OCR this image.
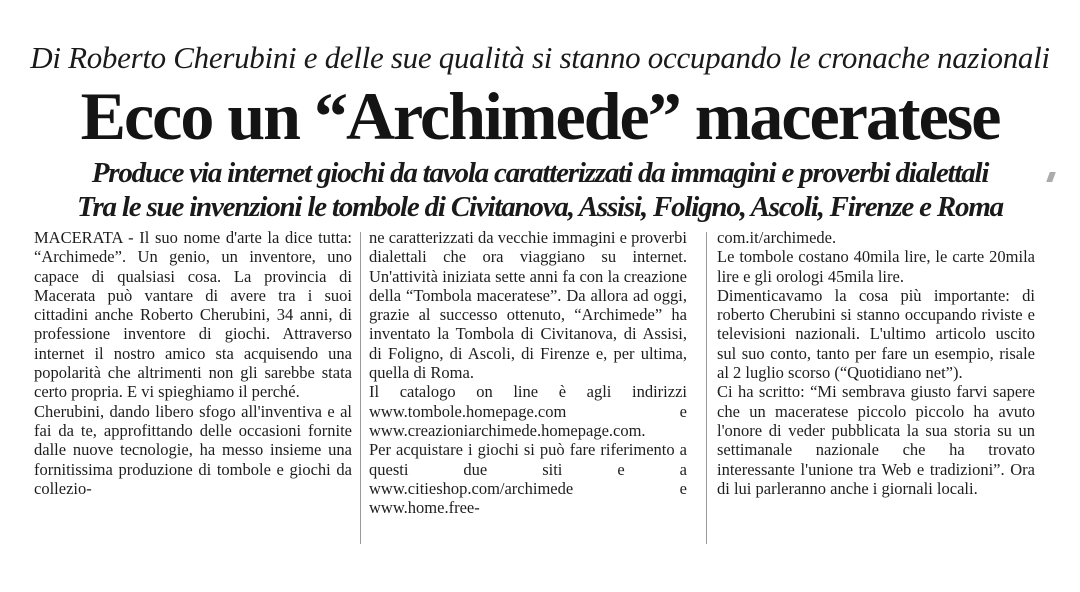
Di Roberto Cherubini e delle sue qualità si stanno occupando le cronache nazionali
Ecco un “Archimede” maceratese
Produce via internet giochi da tavola caratterizzati da immagini e proverbi dialettali
Tra le sue invenzioni le tombole di Civitanova, Assisi, Foligno, Ascoli, Firenze e Roma

MACERATA - Il suo nome d'arte la dice tutta: “Archimede”. Un genio, un inventore, uno capace di qualsiasi cosa. La provincia di Macerata può vantare di avere tra i suoi cittadini anche Roberto Cherubini, 34 anni, di professione inventore di giochi. Attraverso internet il nostro amico sta acquisendo una popolarità che altrimenti non gli sarebbe stata certo propria. E vi spieghiamo il perché.

Cherubini, dando libero sfogo all'inventiva e al fai da te, approfittando delle occasioni fornite dalle nuove tecnologie, ha messo insieme una fornitissima produzione di tombole e giochi da collezio-

ne caratterizzati da vecchie immagini e proverbi dialettali che ora viaggiano su internet. Un'attività iniziata sette anni fa con la creazione della “Tombola maceratese”. Da allora ad oggi, grazie al successo ottenuto, “Archimede” ha inventato la Tombola di Civitanova, di Assisi, di Foligno, di Ascoli, di Firenze e, per ultima, quella di Roma.

Il catalogo on line è agli indirizzi www.tombole.homepage.com e www.creazioniarchimede.homepage.com.

Per acquistare i giochi si può fare riferimento a questi due siti e a www.citieshop.com/archimede e www.home.free-

com.it/archimede.

Le tombole costano 40mila lire, le carte 20mila lire e gli orologi 45mila lire.

Dimenticavamo la cosa più importante: di roberto Cherubini si stanno occupando riviste e televisioni nazionali. L'ultimo articolo uscito sul suo conto, tanto per fare un esempio, risale al 2 luglio scorso (“Quotidiano net”).

Ci ha scritto: “Mi sembrava giusto farvi sapere che un maceratese piccolo piccolo ha avuto l'onore di veder pubblicata la sua storia su un settimanale nazionale che ha trovato interessante l'unione tra Web e tradizioni”. Ora di lui parleranno anche i giornali locali.
